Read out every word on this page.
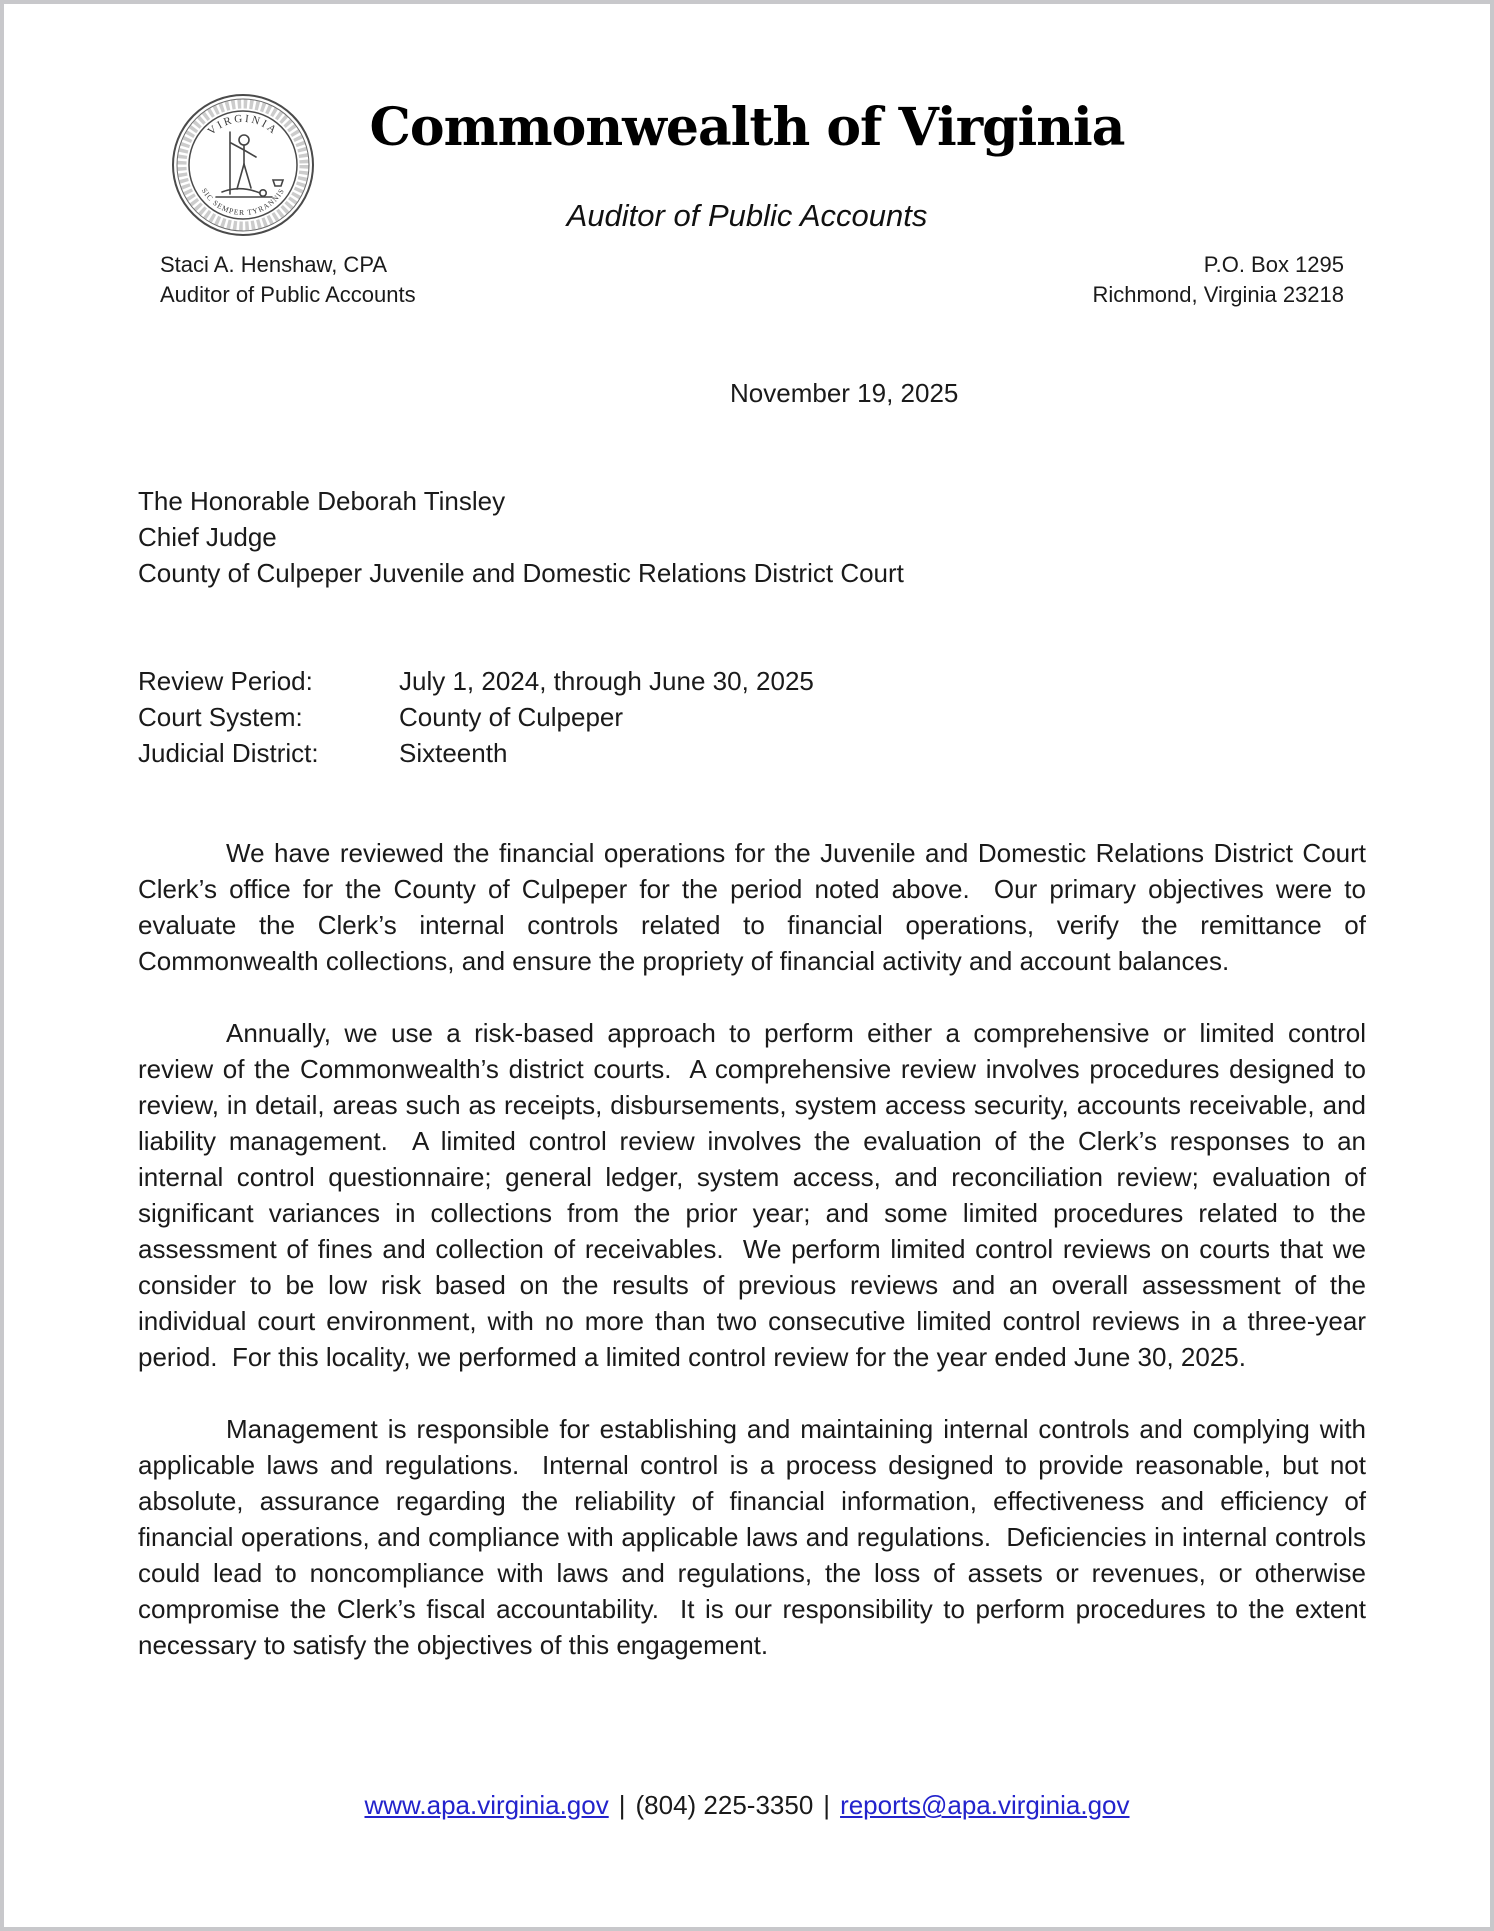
VIRGINIA
SIC SEMPER TYRANNIS
Commonwealth of Virginia
Auditor of Public Accounts
Staci A. Henshaw, CPA
Auditor of Public Accounts
P.O. Box 1295
Richmond, Virginia 23218
November 19, 2025
The Honorable Deborah Tinsley
Chief Judge
County of Culpeper Juvenile and Domestic Relations District Court
Review Period:	July 1, 2024, through June 30, 2025
Court System:	County of Culpeper
Judicial District:	Sixteenth

We have reviewed the financial operations for the Juvenile and Domestic Relations District Court Clerk’s office for the County of Culpeper for the period noted above.  Our primary objectives were to evaluate the Clerk’s internal controls related to financial operations, verify the remittance of Commonwealth collections, and ensure the propriety of financial activity and account balances.

Annually, we use a risk-based approach to perform either a comprehensive or limited control review of the Commonwealth’s district courts.  A comprehensive review involves procedures designed to review, in detail, areas such as receipts, disbursements, system access security, accounts receivable, and liability management.  A limited control review involves the evaluation of the Clerk’s responses to an internal control questionnaire; general ledger, system access, and reconciliation review; evaluation of significant variances in collections from the prior year; and some limited procedures related to the assessment of fines and collection of receivables.  We perform limited control reviews on courts that we consider to be low risk based on the results of previous reviews and an overall assessment of the individual court environment, with no more than two consecutive limited control reviews in a three-year period.  For this locality, we performed a limited control review for the year ended June 30, 2025.

Management is responsible for establishing and maintaining internal controls and complying with applicable laws and regulations.  Internal control is a process designed to provide reasonable, but not absolute, assurance regarding the reliability of financial information, effectiveness and efficiency of financial operations, and compliance with applicable laws and regulations.  Deficiencies in internal controls could lead to noncompliance with laws and regulations, the loss of assets or revenues, or otherwise compromise the Clerk’s fiscal accountability.  It is our responsibility to perform procedures to the extent necessary to satisfy the objectives of this engagement.

www.apa.virginia.gov | (804) 225-3350 | reports@apa.virginia.gov
